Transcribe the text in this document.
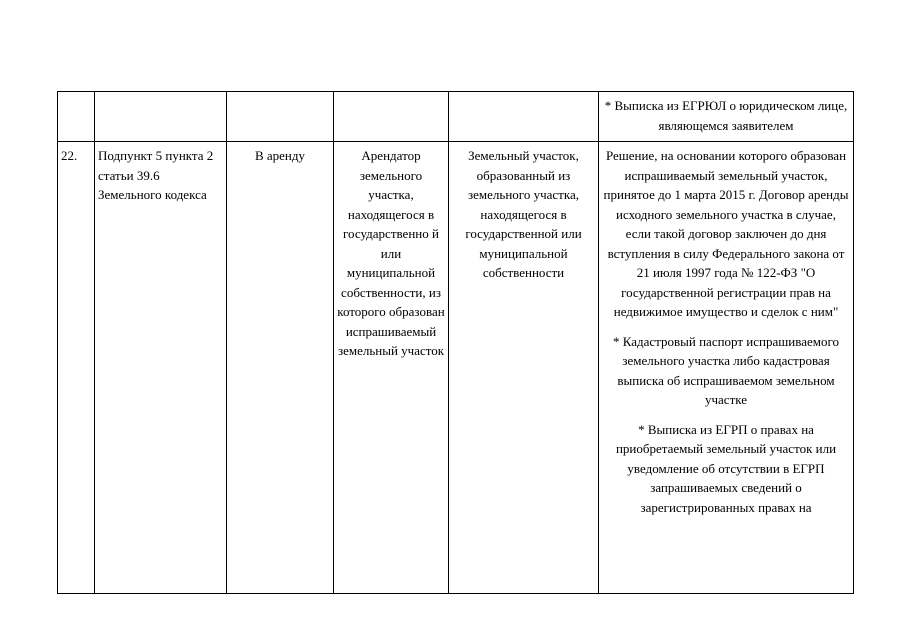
					* Выписка из ЕГРЮЛ о юридическом лице, являющемся заявителем

22.	Подпункт 5 пункта 2 статьи 39.6 Земельного кодекса	В аренду	Арендатор земельного участка, находящегося в государственно й или муниципальной собственности, из которого образован испрашиваемый земельный участок	Земельный участок, образованный из земельного участка, находящегося в государственной или муниципальной собственности	Решение, на основании которого образован испрашиваемый земельный участок, принятое до 1 марта 2015 г. Договор аренды исходного земельного участка в случае, если такой договор заключен до дня вступления в силу Федерального закона от 21 июля 1997 года № 122-ФЗ "О государственной регистрации прав на недвижимое имущество и сделок с ним"
* Кадастровый паспорт испрашиваемого земельного участка либо кадастровая выписка об испрашиваемом земельном участке
* Выписка из ЕГРП о правах на приобретаемый земельный участок или уведомление об отсутствии в ЕГРП запрашиваемых сведений о зарегистрированных правах на
